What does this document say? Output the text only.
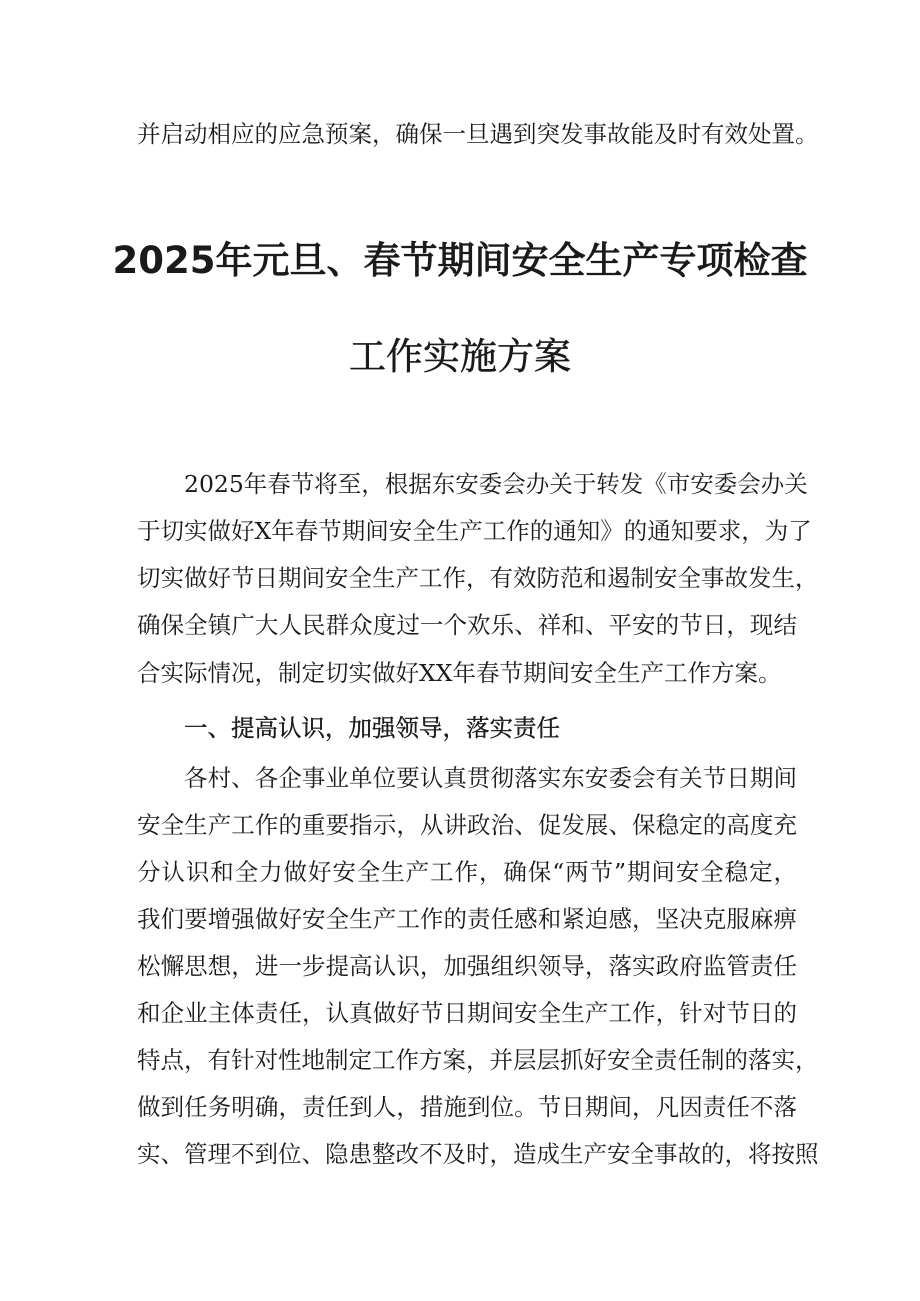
并启动相应的应急预案，确保一旦遇到突发事故能及时有效处置。
2025年元旦、春节期间安全生产专项检查
工作实施方案
2025年春节将至，根据东安委会办关于转发《市安委会办关
于切实做好X年春节期间安全生产工作的通知》的通知要求，为了
切实做好节日期间安全生产工作，有效防范和遏制安全事故发生，
确保全镇广大人民群众度过一个欢乐、祥和、平安的节日，现结
合实际情况，制定切实做好XX年春节期间安全生产工作方案。
一、提高认识，加强领导，落实责任
各村、各企事业单位要认真贯彻落实东安委会有关节日期间
安全生产工作的重要指示，从讲政治、促发展、保稳定的高度充
分认识和全力做好安全生产工作，确保“两节”期间安全稳定，
我们要增强做好安全生产工作的责任感和紧迫感，坚决克服麻痹
松懈思想，进一步提高认识，加强组织领导，落实政府监管责任
和企业主体责任，认真做好节日期间安全生产工作，针对节日的
特点，有针对性地制定工作方案，并层层抓好安全责任制的落实，
做到任务明确，责任到人，措施到位。节日期间，凡因责任不落
实、管理不到位、隐患整改不及时，造成生产安全事故的，将按照
